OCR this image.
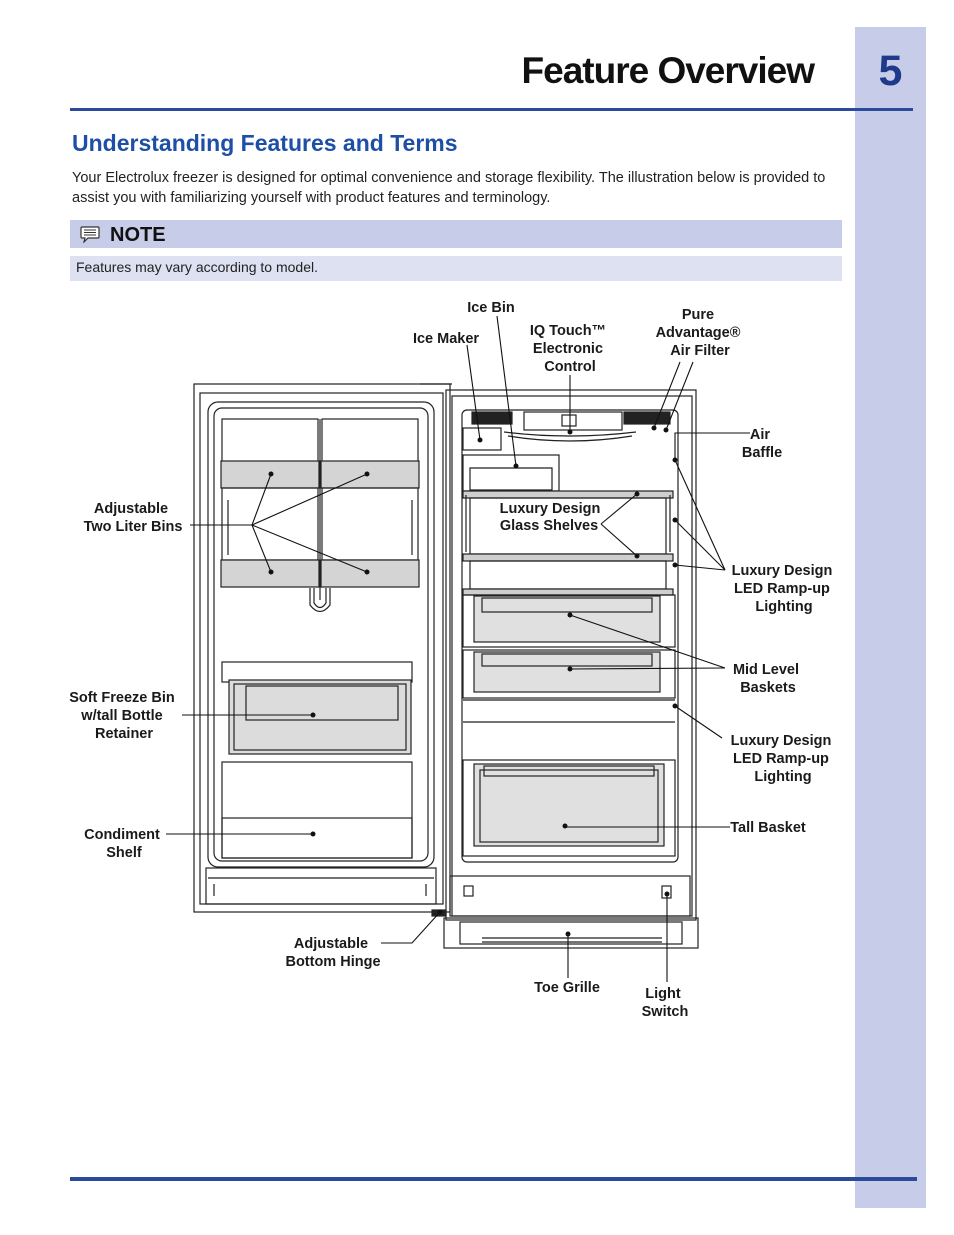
5
Feature Overview
Understanding Features and Terms
Your Electrolux freezer is designed for optimal convenience and storage flexibility. The illustration below is provided to assist you with familiarizing yourself with product features and terminology.
NOTE
Features may vary according to model.
Ice Bin
Ice Maker	IQ Touch™ Electronic Control
Pure Advantage® Air Filter
Air Baffle
Adjustable Two Liter Bins
Luxury Design Glass Shelves
Luxury Design LED Ramp-up Lighting
Mid Level Baskets
Soft Freeze Bin w/tall Bottle Retainer	Luxury Design LED Ramp-up Lighting
Condiment Shelf
Tall Basket
Adjustable Bottom Hinge
Toe Grille	Light Switch
